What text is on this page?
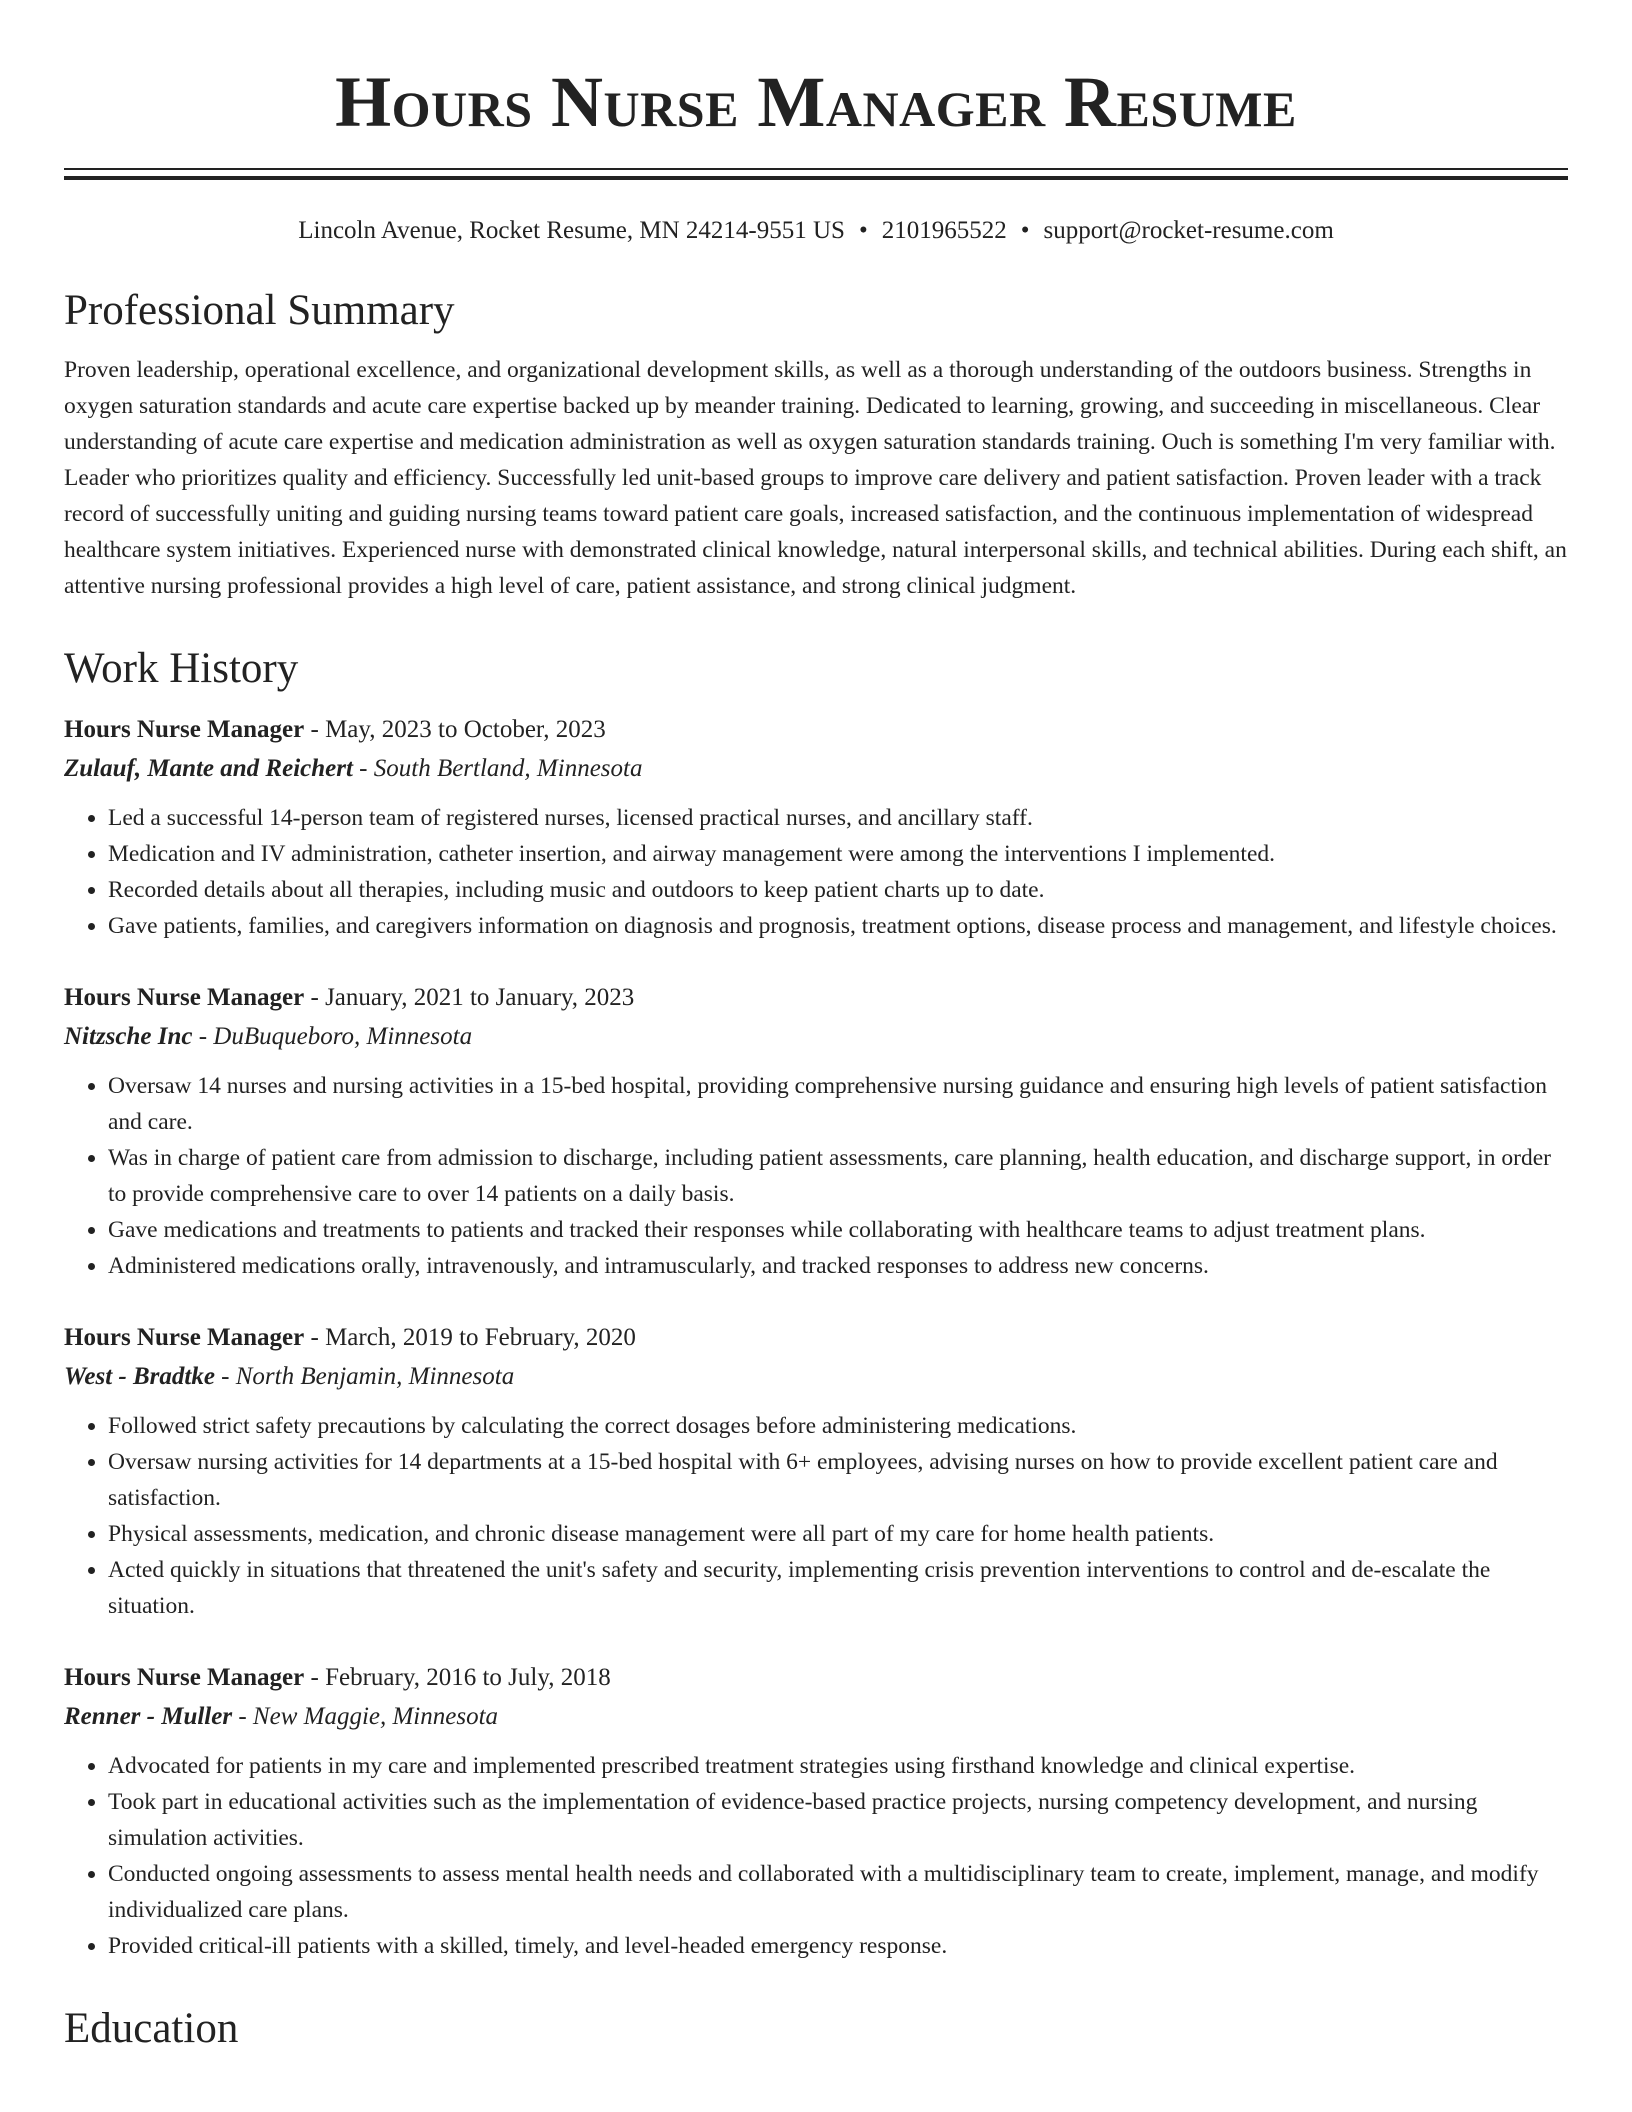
Hours Nurse Manager Resume
Lincoln Avenue, Rocket Resume, MN 24214-9551 US • 2101965522 • support@rocket-resume.com
Professional Summary

Proven leadership, operational excellence, and organizational development skills, as well as a thorough understanding of the outdoors business. Strengths in oxygen saturation standards and acute care expertise backed up by meander training. Dedicated to learning, growing, and succeeding in miscellaneous. Clear understanding of acute care expertise and medication administration as well as oxygen saturation standards training. Ouch is something I'm very familiar with. Leader who prioritizes quality and efficiency. Successfully led unit-based groups to improve care delivery and patient satisfaction. Proven leader with a track record of successfully uniting and guiding nursing teams toward patient care goals, increased satisfaction, and the continuous implementation of widespread healthcare system initiatives. Experienced nurse with demonstrated clinical knowledge, natural interpersonal skills, and technical abilities. During each shift, an attentive nursing professional provides a high level of care, patient assistance, and strong clinical judgment.

Work History
Hours Nurse Manager - May, 2023 to October, 2023
Zulauf, Mante and Reichert - South Bertland, Minnesota
• Led a successful 14-person team of registered nurses, licensed practical nurses, and ancillary staff.
• Medication and IV administration, catheter insertion, and airway management were among the interventions I implemented.
• Recorded details about all therapies, including music and outdoors to keep patient charts up to date.
• Gave patients, families, and caregivers information on diagnosis and prognosis, treatment options, disease process and management, and lifestyle choices.
Hours Nurse Manager - January, 2021 to January, 2023
Nitzsche Inc - DuBuqueboro, Minnesota
• Oversaw 14 nurses and nursing activities in a 15-bed hospital, providing comprehensive nursing guidance and ensuring high levels of patient satisfaction and care.
• Was in charge of patient care from admission to discharge, including patient assessments, care planning, health education, and discharge support, in order to provide comprehensive care to over 14 patients on a daily basis.
• Gave medications and treatments to patients and tracked their responses while collaborating with healthcare teams to adjust treatment plans.
• Administered medications orally, intravenously, and intramuscularly, and tracked responses to address new concerns.
Hours Nurse Manager - March, 2019 to February, 2020
West - Bradtke - North Benjamin, Minnesota
• Followed strict safety precautions by calculating the correct dosages before administering medications.
• Oversaw nursing activities for 14 departments at a 15-bed hospital with 6+ employees, advising nurses on how to provide excellent patient care and satisfaction.
• Physical assessments, medication, and chronic disease management were all part of my care for home health patients.
• Acted quickly in situations that threatened the unit's safety and security, implementing crisis prevention interventions to control and de-escalate the situation.
Hours Nurse Manager - February, 2016 to July, 2018
Renner - Muller - New Maggie, Minnesota
• Advocated for patients in my care and implemented prescribed treatment strategies using firsthand knowledge and clinical expertise.
• Took part in educational activities such as the implementation of evidence-based practice projects, nursing competency development, and nursing simulation activities.
• Conducted ongoing assessments to assess mental health needs and collaborated with a multidisciplinary team to create, implement, manage, and modify individualized care plans.
• Provided critical-ill patients with a skilled, timely, and level-headed emergency response.
Education
